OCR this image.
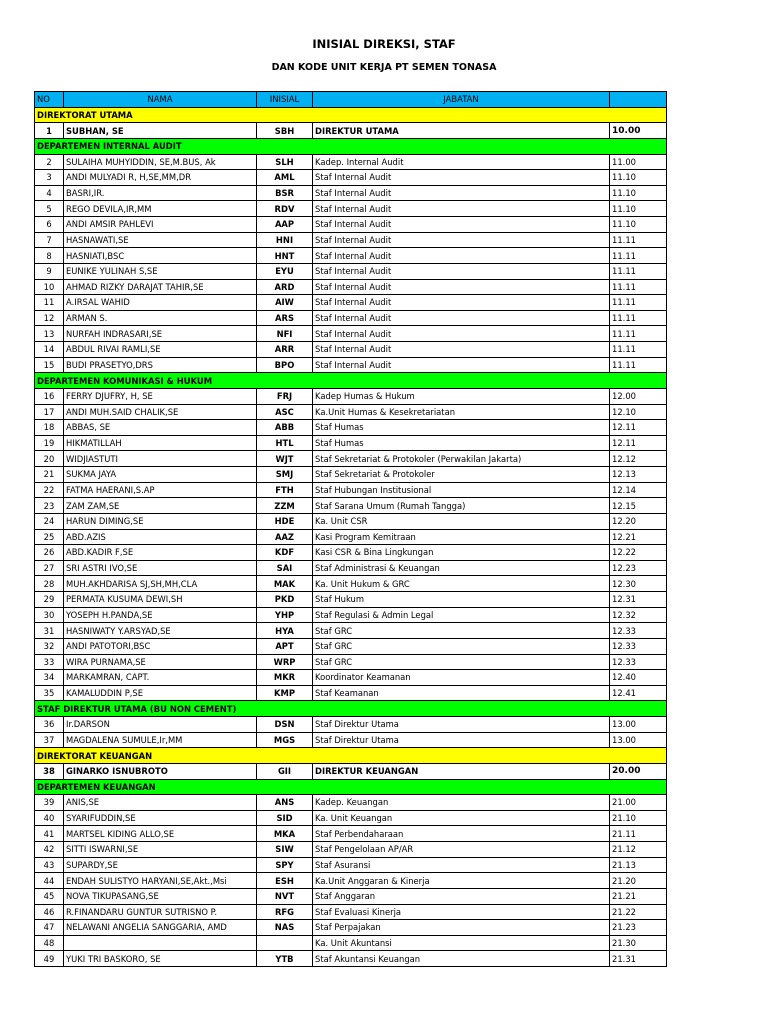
INISIAL DIREKSI, STAF
DAN KODE UNIT KERJA PT SEMEN TONASA
NO	NAMA	INISIAL	JABATAN	
DIREKTORAT UTAMA				
1	SUBHAN, SE	SBH	DIREKTUR UTAMA	10.00
DEPARTEMEN INTERNAL AUDIT				
2	SULAIHA MUHYIDDIN, SE,M.BUS, Ak	SLH	Kadep. Internal Audit	11.00
3	ANDI MULYADI R, H,SE,MM,DR	AML	Staf Internal Audit	11.10
4	BASRI,IR.	BSR	Staf Internal Audit	11.10
5	REGO DEVILA,IR,MM	RDV	Staf Internal Audit	11.10
6	ANDI AMSIR PAHLEVI	AAP	Staf Internal Audit	11.10
7	HASNAWATI,SE	HNI	Staf Internal Audit	11.11
8	HASNIATI,BSC	HNT	Staf Internal Audit	11.11
9	EUNIKE YULINAH S,SE	EYU	Staf Internal Audit	11.11
10	AHMAD RIZKY DARAJAT TAHIR,SE	ARD	Staf Internal Audit	11.11
11	A.IRSAL WAHID	AIW	Staf Internal Audit	11.11
12	ARMAN S.	ARS	Staf Internal Audit	11.11
13	NURFAH INDRASARI,SE	NFI	Staf Internal Audit	11.11
14	ABDUL RIVAI RAMLI,SE	ARR	Staf Internal Audit	11.11
15	BUDI PRASETYO,DRS	BPO	Staf Internal Audit	11.11
DEPARTEMEN KOMUNIKASI & HUKUM				
16	FERRY DJUFRY, H, SE	FRJ	Kadep Humas & Hukum	12.00
17	ANDI MUH.SAID CHALIK,SE	ASC	Ka.Unit Humas & Kesekretariatan	12.10
18	ABBAS, SE	ABB	Staf Humas	12.11
19	HIKMATILLAH	HTL	Staf Humas	12.11
20	WIDJIASTUTI	WJT	Staf Sekretariat & Protokoler (Perwakilan Jakarta)	12.12
21	SUKMA JAYA	SMJ	Staf Sekretariat & Protokoler	12.13
22	FATMA HAERANI,S.AP	FTH	Staf Hubungan Institusional	12.14
23	ZAM ZAM,SE	ZZM	Staf Sarana Umum (Rumah Tangga)	12.15
24	HARUN DIMING,SE	HDE	Ka. Unit CSR	12.20
25	ABD.AZIS	AAZ	Kasi Program Kemitraan	12.21
26	ABD.KADIR F,SE	KDF	Kasi CSR & Bina Lingkungan	12.22
27	SRI ASTRI IVO,SE	SAI	Staf Administrasi & Keuangan	12.23
28	MUH.AKHDARISA SJ,SH,MH,CLA	MAK	Ka. Unit Hukum & GRC	12.30
29	PERMATA KUSUMA DEWI,SH	PKD	Staf Hukum	12.31
30	YOSEPH H.PANDA,SE	YHP	Staf Regulasi & Admin Legal	12.32
31	HASNIWATY Y.ARSYAD,SE	HYA	Staf GRC	12.33
32	ANDI PATOTORI,BSC	APT	Staf GRC	12.33
33	WIRA PURNAMA,SE	WRP	Staf GRC	12.33
34	MARKAMRAN, CAPT.	MKR	Koordinator Keamanan	12.40
35	KAMALUDDIN P,SE	KMP	Staf Keamanan	12.41
STAF DIREKTUR UTAMA (BU NON CEMENT)				
36	Ir.DARSON	DSN	Staf Direktur Utama	13.00
37	MAGDALENA SUMULE,Ir,MM	MGS	Staf Direktur Utama	13.00
DIREKTORAT KEUANGAN				
38	GINARKO ISNUBROTO	GII	DIREKTUR KEUANGAN	20.00
DEPARTEMEN KEUANGAN				
39	ANIS,SE	ANS	Kadep. Keuangan	21.00
40	SYARIFUDDIN,SE	SID	Ka. Unit Keuangan	21.10
41	MARTSEL KIDING ALLO,SE	MKA	Staf Perbendaharaan	21.11
42	SITTI ISWARNI,SE	SIW	Staf Pengelolaan AP/AR	21.12
43	SUPARDY,SE	SPY	Staf Asuransi	21.13
44	ENDAH SULISTYO HARYANI,SE,Akt.,Msi	ESH	Ka.Unit Anggaran & Kinerja	21.20
45	NOVA TIKUPASANG,SE	NVT	Staf Anggaran	21.21
46	R.FINANDARU GUNTUR SUTRISNO P.	RFG	Staf Evaluasi Kinerja	21.22
47	NELAWANI ANGELIA SANGGARIA, AMD	NAS	Staf Perpajakan	21.23
48			Ka. Unit Akuntansi	21.30
49	YUKI TRI BASKORO, SE	YTB	Staf Akuntansi Keuangan	21.31
